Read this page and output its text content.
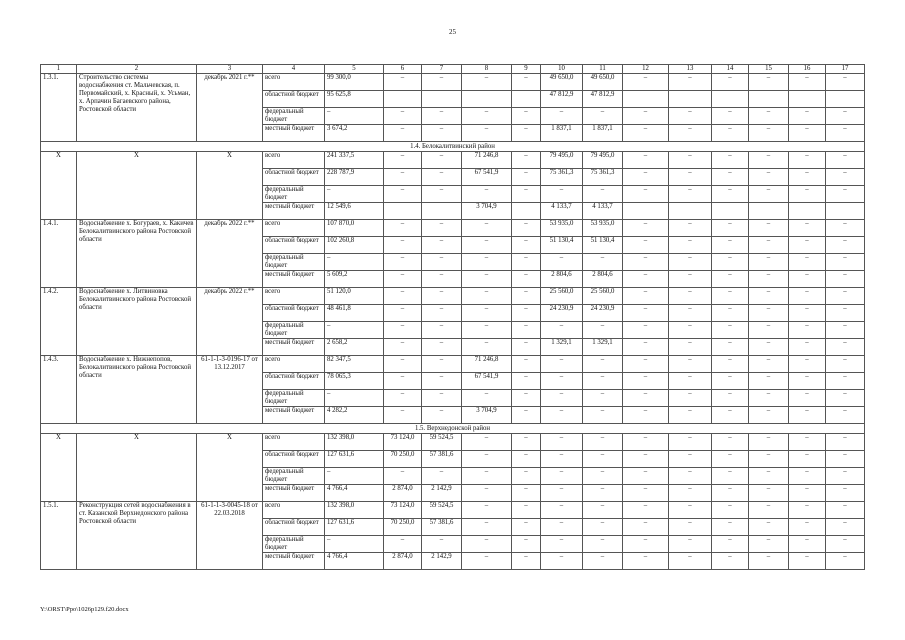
25
1	2	3	4	5	6	7	8	9	10	11	12	13	14	15	16	17
1.3.1.	Строительство системы водоснабжения ст. Мальчевская, п. Первомайский, х. Красный, х. Усьман, х. Арпачин Багаевского района, Ростовской области	декабрь 2021 г.**	всего	99 300,0	–	–	–	–	49 650,0	49 650,0	–	–	–	–	–	–
			областной бюджет	95 625,8					47 812,9	47 812,9						
			федеральный бюджет	–	–	–	–	–	–	–	–	–	–	–	–	–
			местный бюджет	3 674,2	–	–	–	–	1 837,1	1 837,1	–	–	–	–	–	–
1.4. Белокалитвинский район																
Х	Х	Х	всего	241 337,5	–	–	71 246,8	–	79 495,0	79 495,0	–	–	–	–	–	–
			областной бюджет	228 787,9	–	–	67 541,9	–	75 361,3	75 361,3	–	–	–	–	–	–
			федеральный бюджет	–	–	–	–	–	–	–	–	–	–	–	–	–
			местный бюджет	12 549,6			3 704,9		4 133,7	4 133,7						
1.4.1.	Водоснабжение х. Богураев, х. Какичев Белокалитвинского района Ростовской области	декабрь 2022 г.**	всего	107 870,0	–	–	–	–	53 935,0	53 935,0	–	–	–	–	–	–
			областной бюджет	102 260,8	–	–	–	–	51 130,4	51 130,4	–	–	–	–	–	–
			федеральный бюджет	–	–	–	–	–	–	–	–	–	–	–	–	–
			местный бюджет	5 609,2	–	–	–	–	2 804,6	2 804,6	–	–	–	–	–	–
1.4.2.	Водоснабжение х. Литвиновка Белокалитвинского района Ростовской области	декабрь 2022 г.**	всего	51 120,0	–	–	–	–	25 560,0	25 560,0	–	–	–	–	–	–
			областной бюджет	48 461,8	–	–	–	–	24 230,9	24 230,9	–	–	–	–	–	–
			федеральный бюджет	–	–	–	–	–	–	–	–	–	–	–	–	–
			местный бюджет	2 658,2	–	–	–	–	1 329,1	1 329,1	–	–	–	–	–	–
1.4.3.	Водоснабжение х. Нижнепопов, Белокалитвинского района Ростовской области	61-1-1-3-0196-17 от 13.12.2017	всего	82 347,5	–	–	71 246,8	–	–	–	–	–	–	–	–	–
			областной бюджет	78 065,3	–	–	67 541,9	–	–	–	–	–	–	–	–	–
			федеральный бюджет	–	–	–	–	–	–	–	–	–	–	–	–	–
			местный бюджет	4 282,2	–	–	3 704,9	–	–	–	–	–	–	–	–	–
1.5. Верхнедонской район																
Х	Х	Х	всего	132 398,0	73 124,0	59 524,5	–	–	–	–	–	–	–	–	–	–
			областной бюджет	127 631,6	70 250,0	57 381,6	–	–	–	–	–	–	–	–	–	–
			федеральный бюджет	–	–	–	–	–	–	–	–	–	–	–	–	–
			местный бюджет	4 766,4	2 874,0	2 142,9	–	–	–	–	–	–	–	–	–	–
1.5.1.	Реконструкция сетей водоснабжения в ст. Казанской Верхнедонского района Ростовской области	61-1-1-3-0045-18 от 22.03.2018	всего	132 398,0	73 124,0	59 524,5	–	–	–	–	–	–	–	–	–	–
			областной бюджет	127 631,6	70 250,0	57 381,6	–	–	–	–	–	–	–	–	–	–
			федеральный бюджет	–	–	–	–	–	–	–	–	–	–	–	–	–
			местный бюджет	4 766,4	2 874,0	2 142,9	–	–	–	–	–	–	–	–	–	–
Y:\ORST\Ppo\1026p129.f20.docx
